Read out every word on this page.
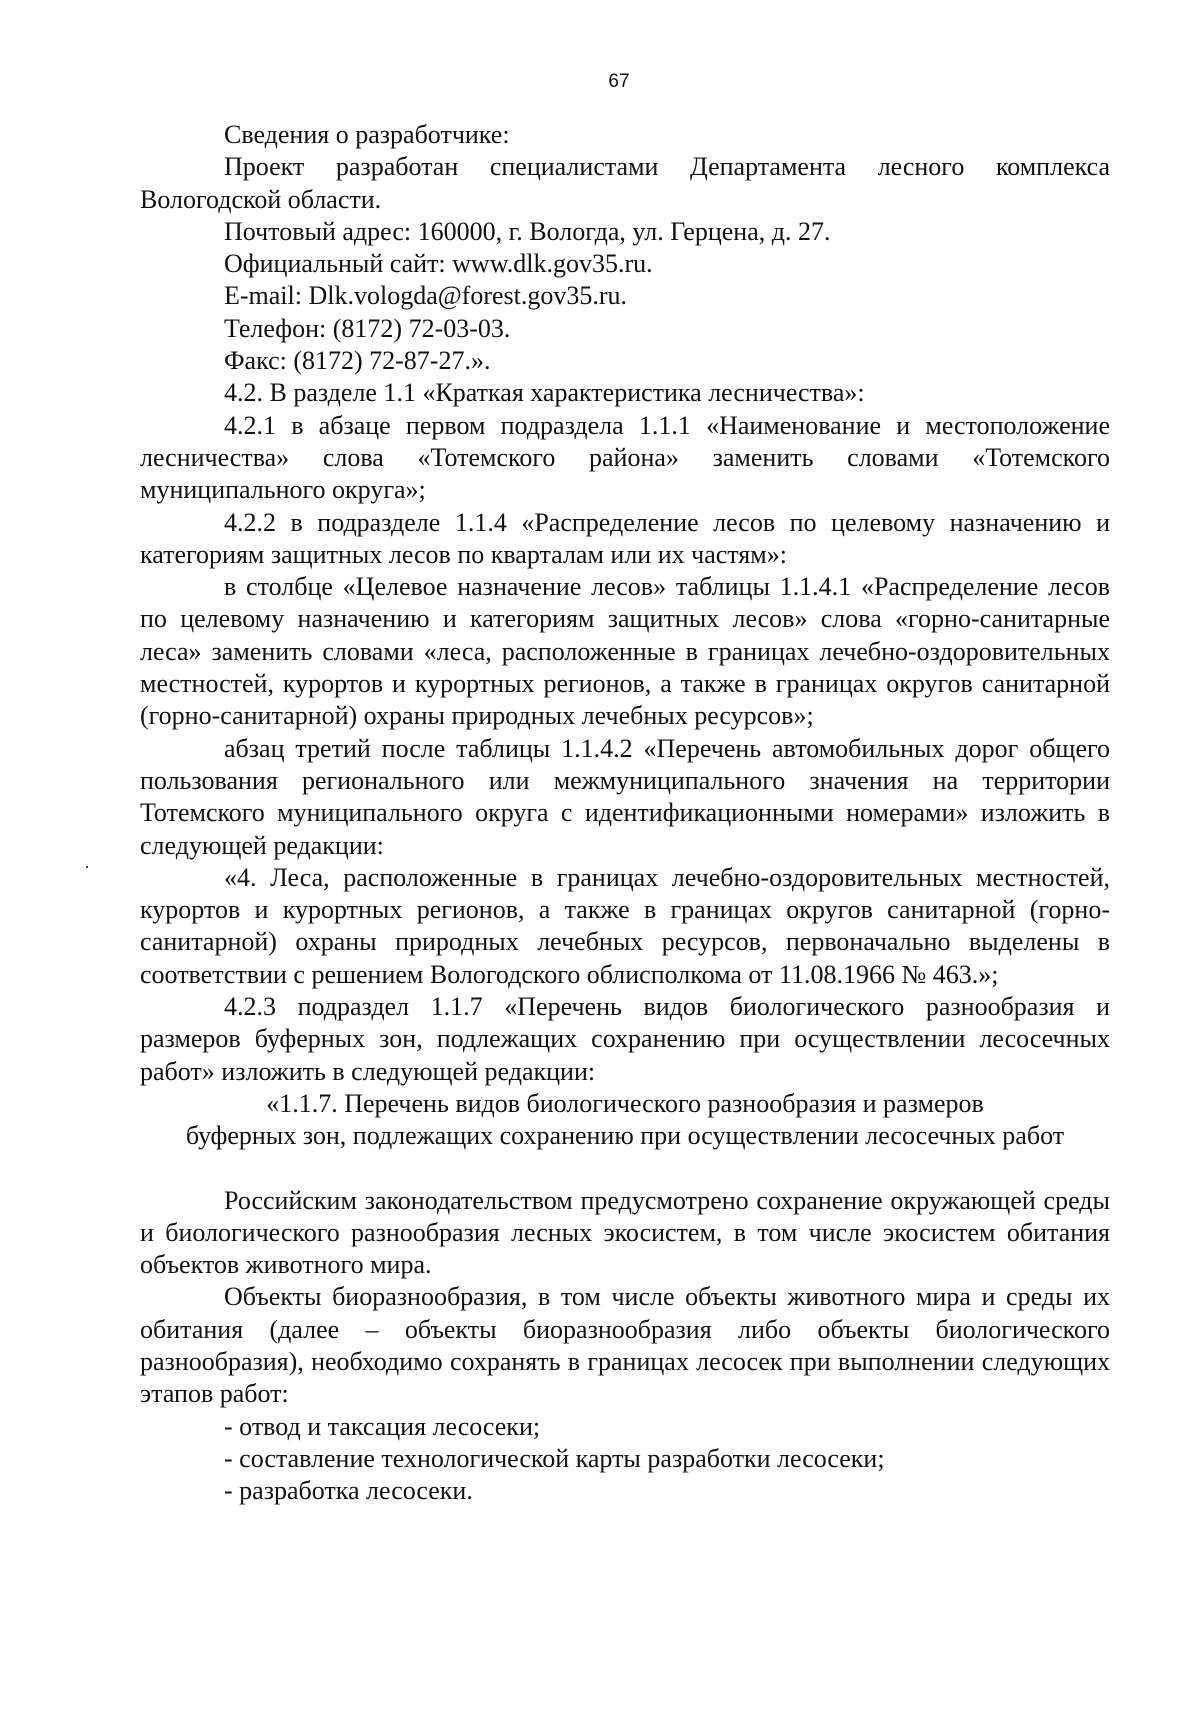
67

Сведения о разработчике:

Проект разработан специалистами Департамента лесного комплекса Вологодской области.

Почтовый адрес: 160000, г. Вологда, ул. Герцена, д. 27.

Официальный сайт: www.dlk.gov35.ru.

E-mail: Dlk.vologda@forest.gov35.ru.

Телефон: (8172) 72-03-03.

Факс: (8172) 72-87-27.».

4.2. В разделе 1.1 «Краткая характеристика лесничества»:

4.2.1 в абзаце первом подраздела 1.1.1 «Наименование и местоположение лесничества» слова «Тотемского района» заменить словами «Тотемского муниципального округа»;

4.2.2 в подразделе 1.1.4 «Распределение лесов по целевому назначению и категориям защитных лесов по кварталам или их частям»:

в столбце «Целевое назначение лесов» таблицы 1.1.4.1 «Распределение лесов по целевому назначению и категориям защитных лесов» слова «горно-санитарные леса» заменить словами «леса, расположенные в границах лечебно-оздоровительных местностей, курортов и курортных регионов, а также в границах округов санитарной (горно-санитарной) охраны природных лечебных ресурсов»;

абзац третий после таблицы 1.1.4.2 «Перечень автомобильных дорог общего пользования регионального или межмуниципального значения на территории Тотемского муниципального округа с идентификационными номерами» изложить в следующей редакции:

«4. Леса, расположенные в границах лечебно-оздоровительных местностей, курортов и курортных регионов, а также в границах округов санитарной (горно-санитарной) охраны природных лечебных ресурсов, первоначально выделены в соответствии с решением Вологодского облисполкома от 11.08.1966 № 463.»;

4.2.3 подраздел 1.1.7 «Перечень видов биологического разнообразия и размеров буферных зон, подлежащих сохранению при осуществлении лесосечных работ» изложить в следующей редакции:

«1.1.7. Перечень видов биологического разнообразия и размеров

буферных зон, подлежащих сохранению при осуществлении лесосечных работ

Российским законодательством предусмотрено сохранение окружающей среды и биологического разнообразия лесных экосистем, в том числе экосистем обитания объектов животного мира.

Объекты биоразнообразия, в том числе объекты животного мира и среды их обитания (далее – объекты биоразнообразия либо объекты биологического разнообразия), необходимо сохранять в границах лесосек при выполнении следующих этапов работ:

- отвод и таксация лесосеки;

- составление технологической карты разработки лесосеки;

- разработка лесосеки.
